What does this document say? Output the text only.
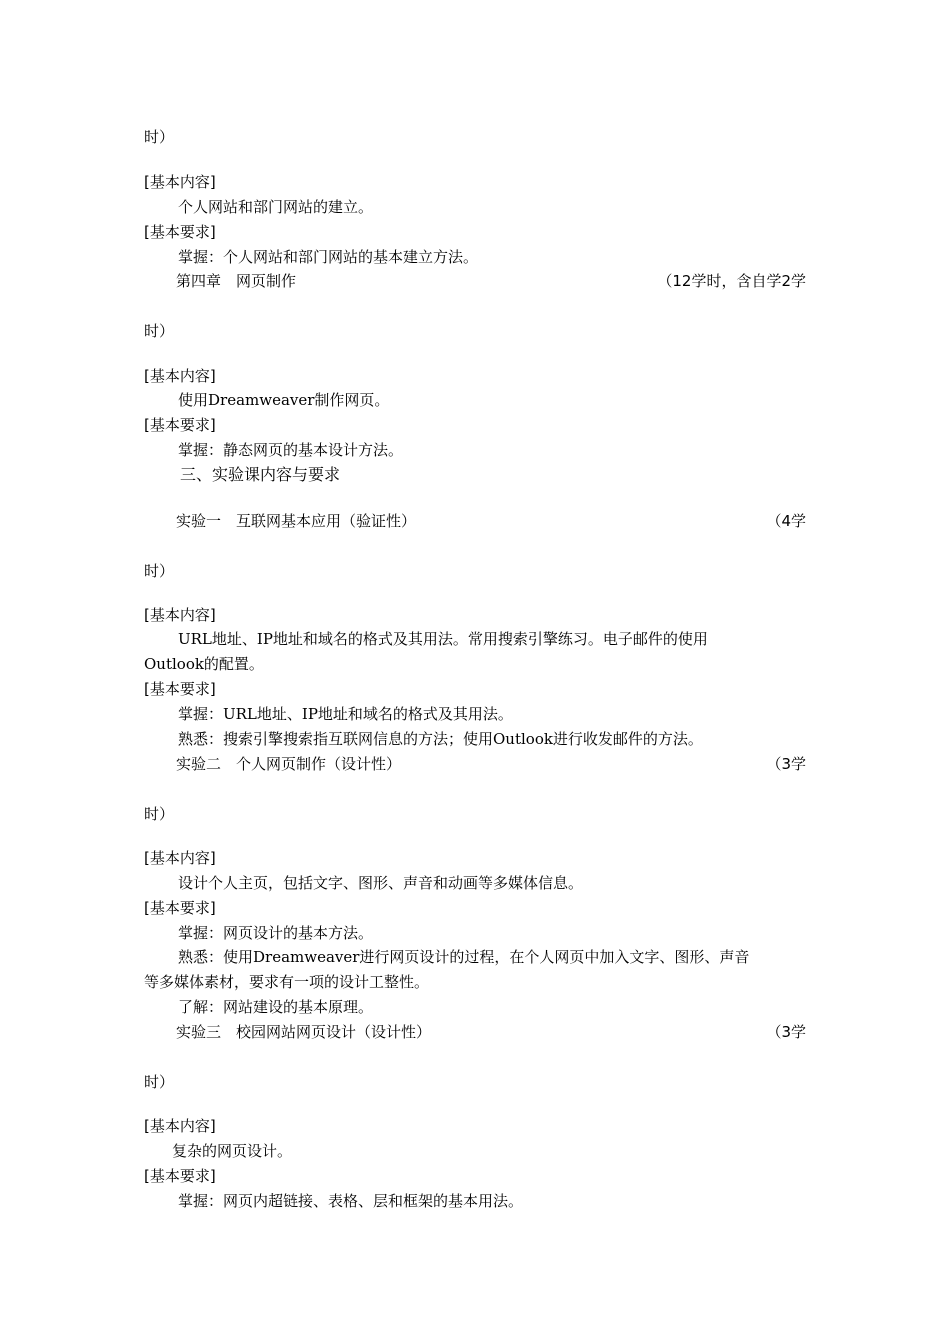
时）
[基本内容]
个人网站和部门网站的建立。
[基本要求]
掌握：个人网站和部门网站的基本建立方法。
第四章　网页制作	（12学时，含自学2学
时）
[基本内容]
使用Dreamweaver制作网页。
[基本要求]
掌握：静态网页的基本设计方法。
三、实验课内容与要求
实验一　互联网基本应用（验证性）	（4学
时）
[基本内容]
URL地址、IP地址和域名的格式及其用法。常用搜索引擎练习。电子邮件的使用
Outlook的配置。
[基本要求]
掌握：URL地址、IP地址和域名的格式及其用法。
熟悉：搜索引擎搜索指互联网信息的方法；使用Outlook进行收发邮件的方法。
实验二　个人网页制作（设计性）	（3学
时）
[基本内容]
设计个人主页，包括文字、图形、声音和动画等多媒体信息。
[基本要求]
掌握：网页设计的基本方法。
熟悉：使用Dreamweaver进行网页设计的过程，在个人网页中加入文字、图形、声音
等多媒体素材，要求有一项的设计工整性。
了解：网站建设的基本原理。
实验三　校园网站网页设计（设计性）	（3学
时）
[基本内容]
复杂的网页设计。
[基本要求]
掌握：网页内超链接、表格、层和框架的基本用法。
